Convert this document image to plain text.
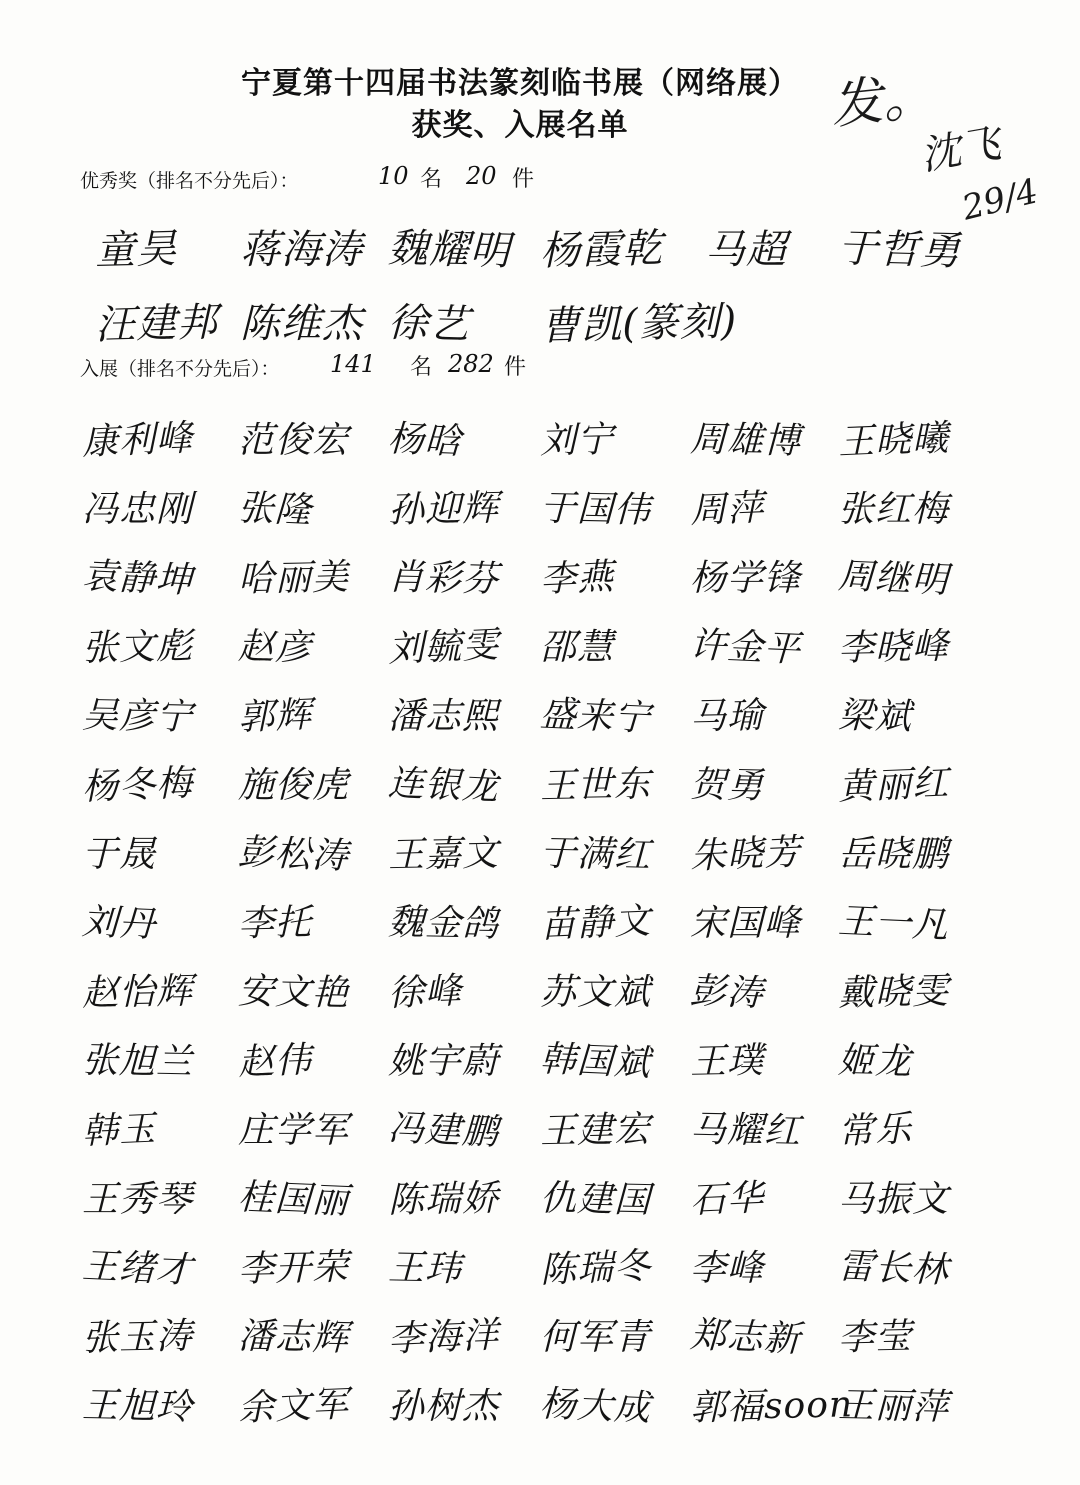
宁夏第十四届书法篆刻临书展（网络展）
获奖、入展名单	发。
沈飞
29/4
优秀奖（排名不分先后）：	10 名 20 件
入展（排名不分先后）： 141 名 282 件
童昊 蒋海涛 魏耀明 杨霞乾 马超 于哲勇
汪建邦 陈维杰 徐艺 曹凯(篆刻)
康利峰 范俊宏 杨晗 刘宁 周雄博 王晓曦
冯忠刚 张隆 孙迎辉 于国伟 周萍 张红梅
袁静坤 哈丽美 肖彩芬 李燕 杨学锋 周继明
张文彪 赵彦 刘毓雯 邵慧 许金平 李晓峰
吴彦宁 郭辉 潘志熙 盛来宁 马瑜 梁斌
杨冬梅 施俊虎 连银龙 王世东 贺勇 黄丽红
于晟 彭松涛 王嘉文 于满红 朱晓芳 岳晓鹏
刘丹 李托 魏金鸽 苗静文 宋国峰 王一凡
赵怡辉 安文艳 徐峰 苏文斌 彭涛 戴晓雯
张旭兰 赵伟 姚宇蔚 韩国斌 王璞 姬龙
韩玉 庄学军 冯建鹏 王建宏 马耀红 常乐
王秀琴 桂国丽 陈瑞娇 仇建国 石华 马振文
王绪才 李开荣 王玮 陈瑞冬 李峰 雷长林
张玉涛 潘志辉 李海洋 何军青 郑志新 李莹
王旭玲 余文军 孙树杰 杨大成 郭福soon
王丽萍
